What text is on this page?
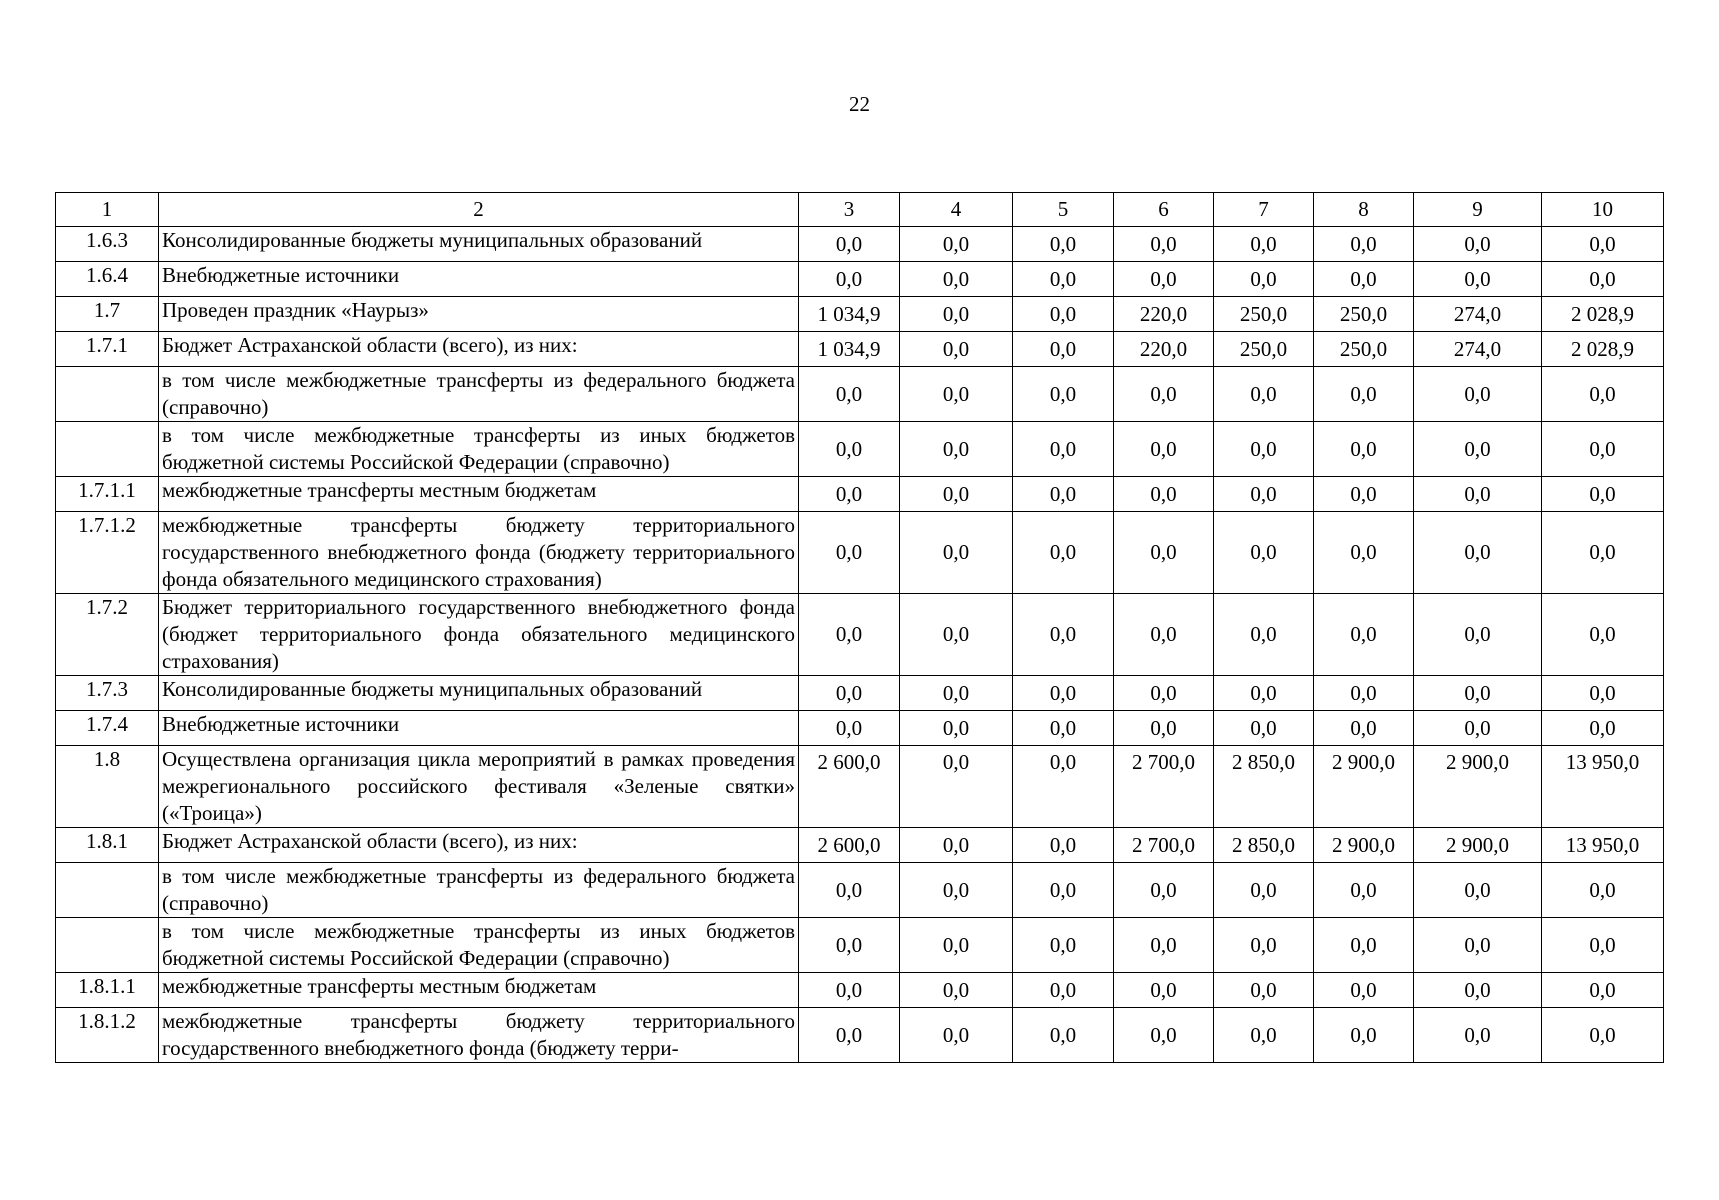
22
1	2	3	4	5	6	7	8	9	10
1.6.3	Консолидированные бюджеты муниципальных образований	0,0	0,0	0,0	0,0	0,0	0,0	0,0	0,0
1.6.4	Внебюджетные источники	0,0	0,0	0,0	0,0	0,0	0,0	0,0	0,0
1.7	Проведен праздник «Наурыз»	1 034,9	0,0	0,0	220,0	250,0	250,0	274,0	2 028,9
1.7.1	Бюджет Астраханской области (всего), из них:	1 034,9	0,0	0,0	220,0	250,0	250,0	274,0	2 028,9
	в том числе межбюджетные трансферты из федерального бюджета (справочно)	0,0	0,0	0,0	0,0	0,0	0,0	0,0	0,0
	в том числе межбюджетные трансферты из иных бюджетов бюджетной системы Российской Федерации (справочно)	0,0	0,0	0,0	0,0	0,0	0,0	0,0	0,0
1.7.1.1	межбюджетные трансферты местным бюджетам	0,0	0,0	0,0	0,0	0,0	0,0	0,0	0,0
1.7.1.2	межбюджетные трансферты бюджету территориального государственного внебюджетного фонда (бюджету территориального фонда обязательного медицинского страхования)	0,0	0,0	0,0	0,0	0,0	0,0	0,0	0,0
1.7.2	Бюджет территориального государственного внебюджетного фонда (бюджет территориального фонда обязательного медицинского страхования)	0,0	0,0	0,0	0,0	0,0	0,0	0,0	0,0
1.7.3	Консолидированные бюджеты муниципальных образований	0,0	0,0	0,0	0,0	0,0	0,0	0,0	0,0
1.7.4	Внебюджетные источники	0,0	0,0	0,0	0,0	0,0	0,0	0,0	0,0
1.8	Осуществлена организация цикла мероприятий в рамках проведения межрегионального российского фестиваля «Зеленые святки» («Троица»)	2 600,0	0,0	0,0	2 700,0	2 850,0	2 900,0	2 900,0	13 950,0
1.8.1	Бюджет Астраханской области (всего), из них:	2 600,0	0,0	0,0	2 700,0	2 850,0	2 900,0	2 900,0	13 950,0
	в том числе межбюджетные трансферты из федерального бюджета (справочно)	0,0	0,0	0,0	0,0	0,0	0,0	0,0	0,0
	в том числе межбюджетные трансферты из иных бюджетов бюджетной системы Российской Федерации (справочно)	0,0	0,0	0,0	0,0	0,0	0,0	0,0	0,0
1.8.1.1	межбюджетные трансферты местным бюджетам	0,0	0,0	0,0	0,0	0,0	0,0	0,0	0,0
1.8.1.2	межбюджетные трансферты бюджету территориального государственного внебюджетного фонда (бюджету терри-	0,0	0,0	0,0	0,0	0,0	0,0	0,0	0,0
